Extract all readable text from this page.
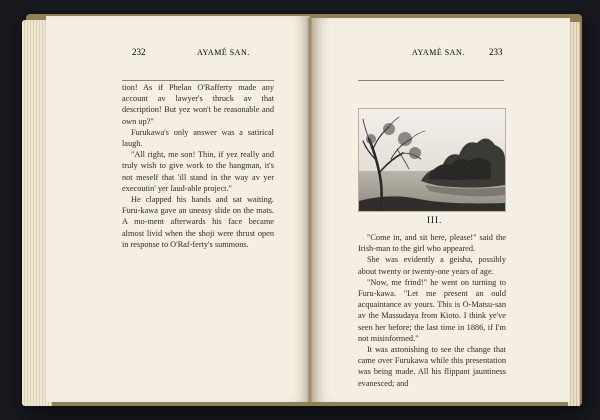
232	AYAMÉ SAN.

tion! As if Phelan O'Rafferty made any account av lawyer's thruck av that description! But yez won't be reasonable and own up?"

Furukawa's only answer was a satirical laugh.

"All right, me son! Thin, if yez really and truly wish to give work to the hangman, it's not meself that 'ill stand in the way av yer execoutin' yer laud-able project."

He clapped his hands and sat waiting. Furu-kawa gave an uneasy slide on the mats. A mo-ment afterwards his face became almost livid when the shoji were thrust open in response to O'Raf-ferty's summons.

AYAMÉ SAN.	233
III.

"Come in, and sit here, please!" said the Irish-man to the girl who appeared.

She was evidently a geisha, possibly about twenty or twenty-one years of age.

"Now, me frind!" he went on turning to Furu-kawa. "Let me present an ould acquaintance av yours. This is O-Matsu-san av the Massudaya from Kioto. I think ye've seen her before; the last time in 1886, if I'm not misinformed."

It was astonishing to see the change that came over Furukawa while this presentation was being made. All his flippant jauntiness evanesced; and
